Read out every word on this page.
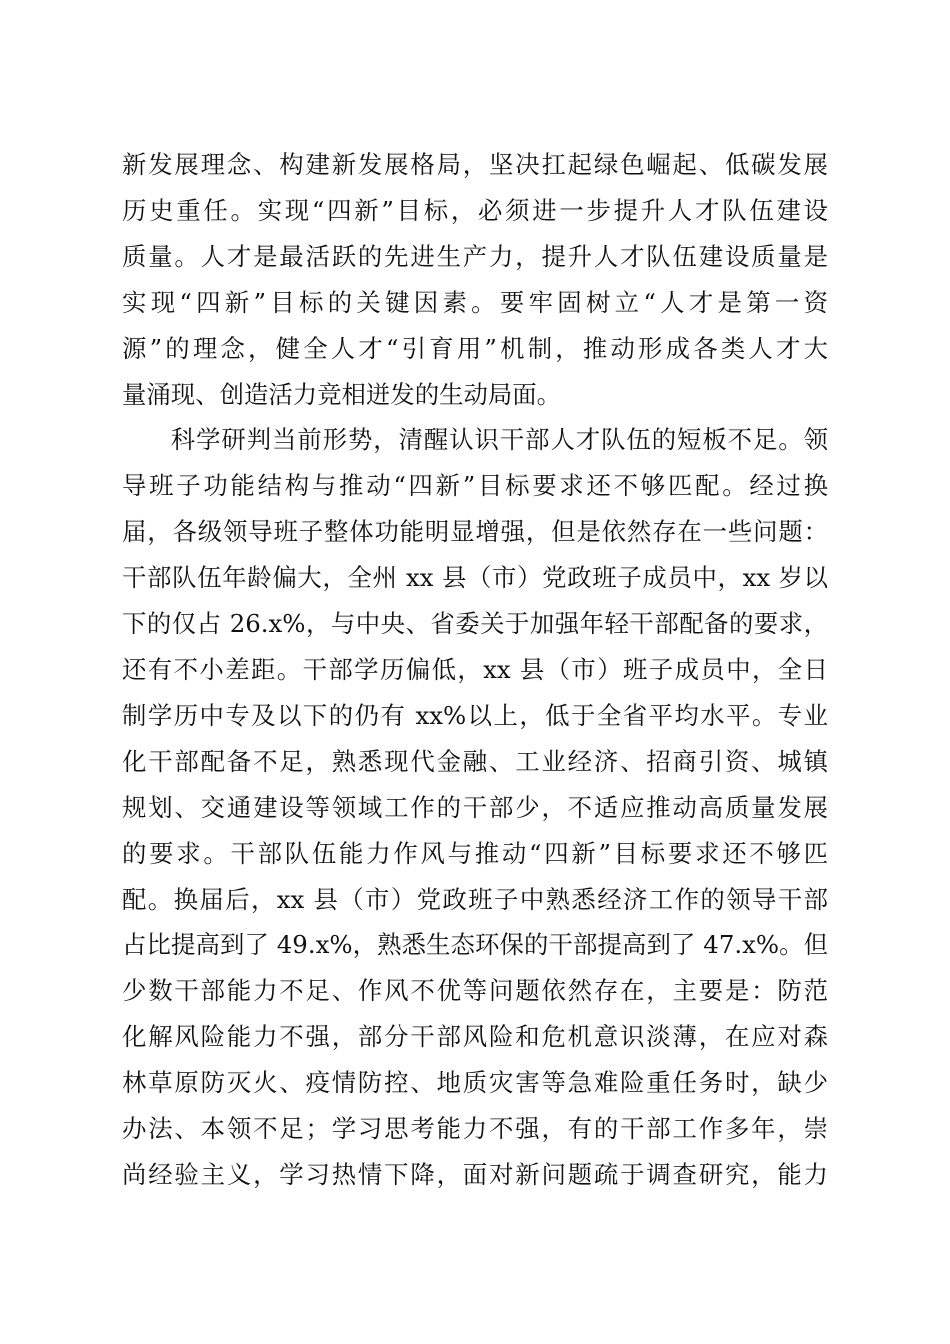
新发展理念、构建新发展格局，坚决扛起绿色崛起、低碳发展
历史重任。实现“四新”目标，必须进一步提升人才队伍建设
质量。人才是最活跃的先进生产力，提升人才队伍建设质量是
实现“四新”目标的关键因素。要牢固树立“人才是第一资
源”的理念，健全人才“引育用”机制，推动形成各类人才大
量涌现、创造活力竞相迸发的生动局面。

科学研判当前形势，清醒认识干部人才队伍的短板不足。领
导班子功能结构与推动“四新”目标要求还不够匹配。经过换
届，各级领导班子整体功能明显增强，但是依然存在一些问题：
干部队伍年龄偏大，全州 xx 县（市）党政班子成员中，xx 岁以
下的仅占 26.x%，与中央、省委关于加强年轻干部配备的要求，
还有不小差距。干部学历偏低，xx 县（市）班子成员中，全日
制学历中专及以下的仍有 xx%以上，低于全省平均水平。专业
化干部配备不足，熟悉现代金融、工业经济、招商引资、城镇
规划、交通建设等领域工作的干部少，不适应推动高质量发展
的要求。干部队伍能力作风与推动“四新”目标要求还不够匹
配。换届后，xx 县（市）党政班子中熟悉经济工作的领导干部
占比提高到了 49.x%，熟悉生态环保的干部提高到了 47.x%。但
少数干部能力不足、作风不优等问题依然存在，主要是：防范
化解风险能力不强，部分干部风险和危机意识淡薄，在应对森
林草原防灭火、疫情防控、地质灾害等急难险重任务时，缺少
办法、本领不足；学习思考能力不强，有的干部工作多年，崇
尚经验主义，学习热情下降，面对新问题疏于调查研究，能力
